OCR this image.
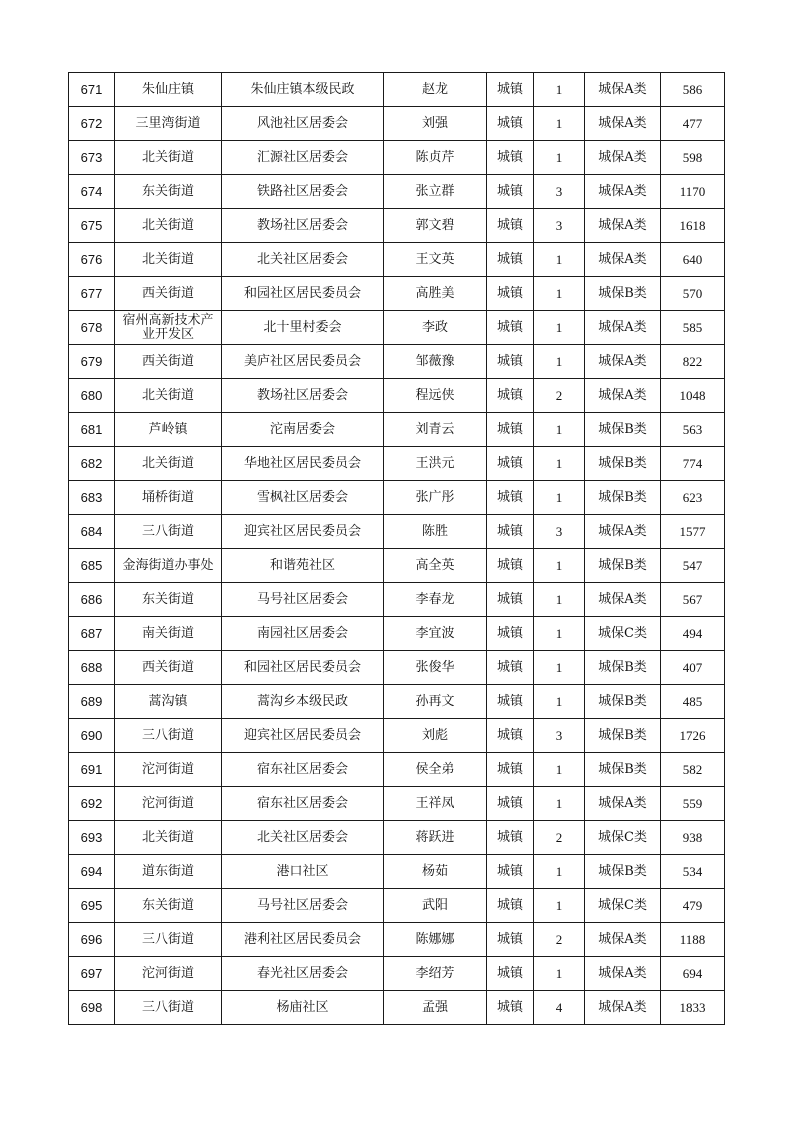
671	朱仙庄镇	朱仙庄镇本级民政	赵龙	城镇	1	城保A类	586
672	三里湾街道	风池社区居委会	刘强	城镇	1	城保A类	477
673	北关街道	汇源社区居委会	陈贞芹	城镇	1	城保A类	598
674	东关街道	铁路社区居委会	张立群	城镇	3	城保A类	1170
675	北关街道	教场社区居委会	郭文碧	城镇	3	城保A类	1618
676	北关街道	北关社区居委会	王文英	城镇	1	城保A类	640
677	西关街道	和园社区居民委员会	高胜美	城镇	1	城保B类	570
678	宿州高新技术产业开发区	北十里村委会	李政	城镇	1	城保A类	585
679	西关街道	美庐社区居民委员会	邹薇豫	城镇	1	城保A类	822
680	北关街道	教场社区居委会	程远侠	城镇	2	城保A类	1048
681	芦岭镇	沱南居委会	刘青云	城镇	1	城保B类	563
682	北关街道	华地社区居民委员会	王洪元	城镇	1	城保B类	774
683	埇桥街道	雪枫社区居委会	张广彤	城镇	1	城保B类	623
684	三八街道	迎宾社区居民委员会	陈胜	城镇	3	城保A类	1577
685	金海街道办事处	和谐苑社区	高全英	城镇	1	城保B类	547
686	东关街道	马号社区居委会	李春龙	城镇	1	城保A类	567
687	南关街道	南园社区居委会	李宜波	城镇	1	城保C类	494
688	西关街道	和园社区居民委员会	张俊华	城镇	1	城保B类	407
689	蒿沟镇	蒿沟乡本级民政	孙再文	城镇	1	城保B类	485
690	三八街道	迎宾社区居民委员会	刘彪	城镇	3	城保B类	1726
691	沱河街道	宿东社区居委会	侯全弟	城镇	1	城保B类	582
692	沱河街道	宿东社区居委会	王祥凤	城镇	1	城保A类	559
693	北关街道	北关社区居委会	蒋跃进	城镇	2	城保C类	938
694	道东街道	港口社区	杨茹	城镇	1	城保B类	534
695	东关街道	马号社区居委会	武阳	城镇	1	城保C类	479
696	三八街道	港利社区居民委员会	陈娜娜	城镇	2	城保A类	1188
697	沱河街道	春光社区居委会	李绍芳	城镇	1	城保A类	694
698	三八街道	杨庙社区	孟强	城镇	4	城保A类	1833
